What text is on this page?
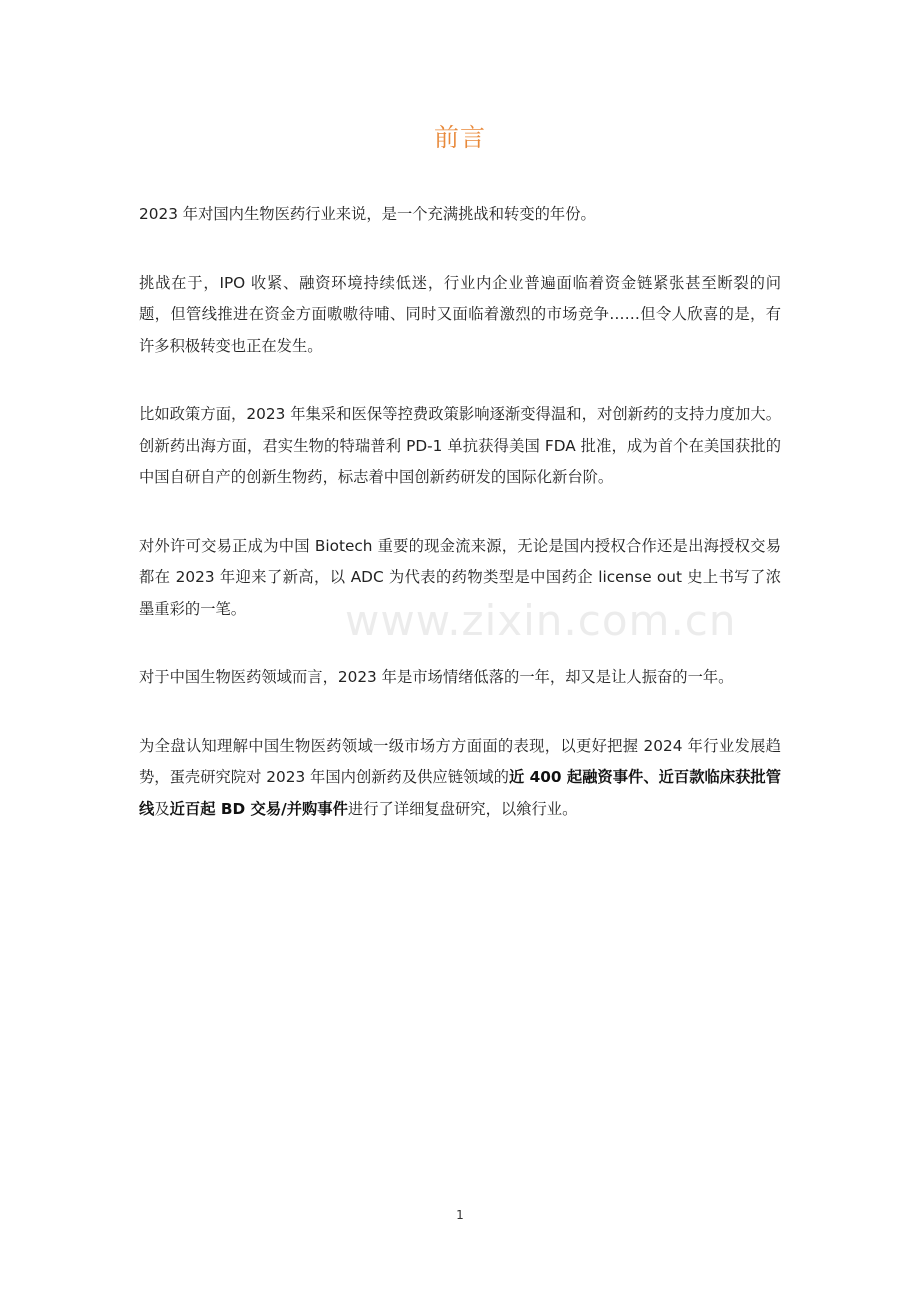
www.zixin.com.cn
前言

2023 年对国内生物医药行业来说，是一个充满挑战和转变的年份。

挑战在于，IPO 收紧、融资环境持续低迷，行业内企业普遍面临着资金链紧张甚至断裂的问题，但管线推进在资金方面嗷嗷待哺、同时又面临着激烈的市场竞争……但令人欣喜的是，有许多积极转变也正在发生。

比如政策方面，2023 年集采和医保等控费政策影响逐渐变得温和，对创新药的支持力度加大。创新药出海方面，君实生物的特瑞普利 PD-1 单抗获得美国 FDA 批准，成为首个在美国获批的中国自研自产的创新生物药，标志着中国创新药研发的国际化新台阶。

对外许可交易正成为中国 Biotech 重要的现金流来源，无论是国内授权合作还是出海授权交易都在 2023 年迎来了新高，以 ADC 为代表的药物类型是中国药企 license out 史上书写了浓墨重彩的一笔。

对于中国生物医药领域而言，2023 年是市场情绪低落的一年，却又是让人振奋的一年。

为全盘认知理解中国生物医药领域一级市场方方面面的表现，以更好把握 2024 年行业发展趋势，蛋壳研究院对 2023 年国内创新药及供应链领域的近 400 起融资事件、近百款临床获批管线及近百起 BD 交易/并购事件进行了详细复盘研究，以飨行业。

1
